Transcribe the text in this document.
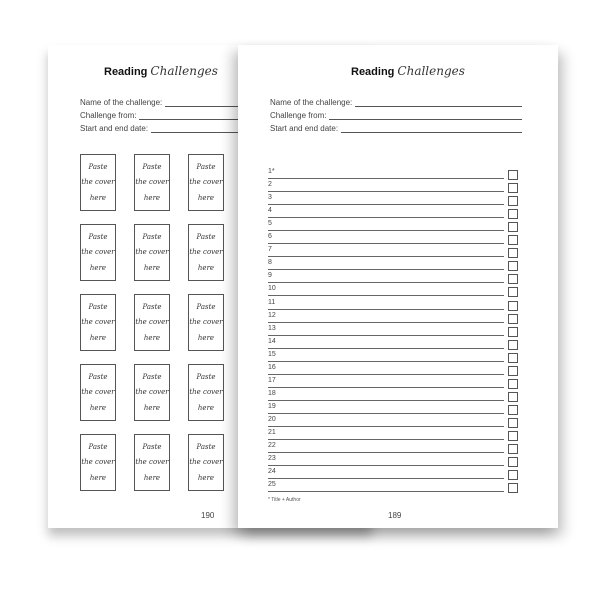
Reading Challenges
Name of the challenge:
Challenge from:
Start and end date:
Paste
the cover
here
Paste
the cover
here
Paste
the cover
here
Paste
the cover
here
Paste
the cover
here
Paste
the cover
here
Paste
the cover
here
Paste
the cover
here
Paste
the cover
here
Paste
the cover
here
Paste
the cover
here
Paste
the cover
here
Paste
the cover
here
Paste
the cover
here
Paste
the cover
here
190
Reading Challenges
Name of the challenge:
Challenge from:
Start and end date:
1*
2
3
4
5
6
7
8
9
10
11
12
13
14
15
16
17
18
19
20
21
22
23
24
25
* Title + Author
189
